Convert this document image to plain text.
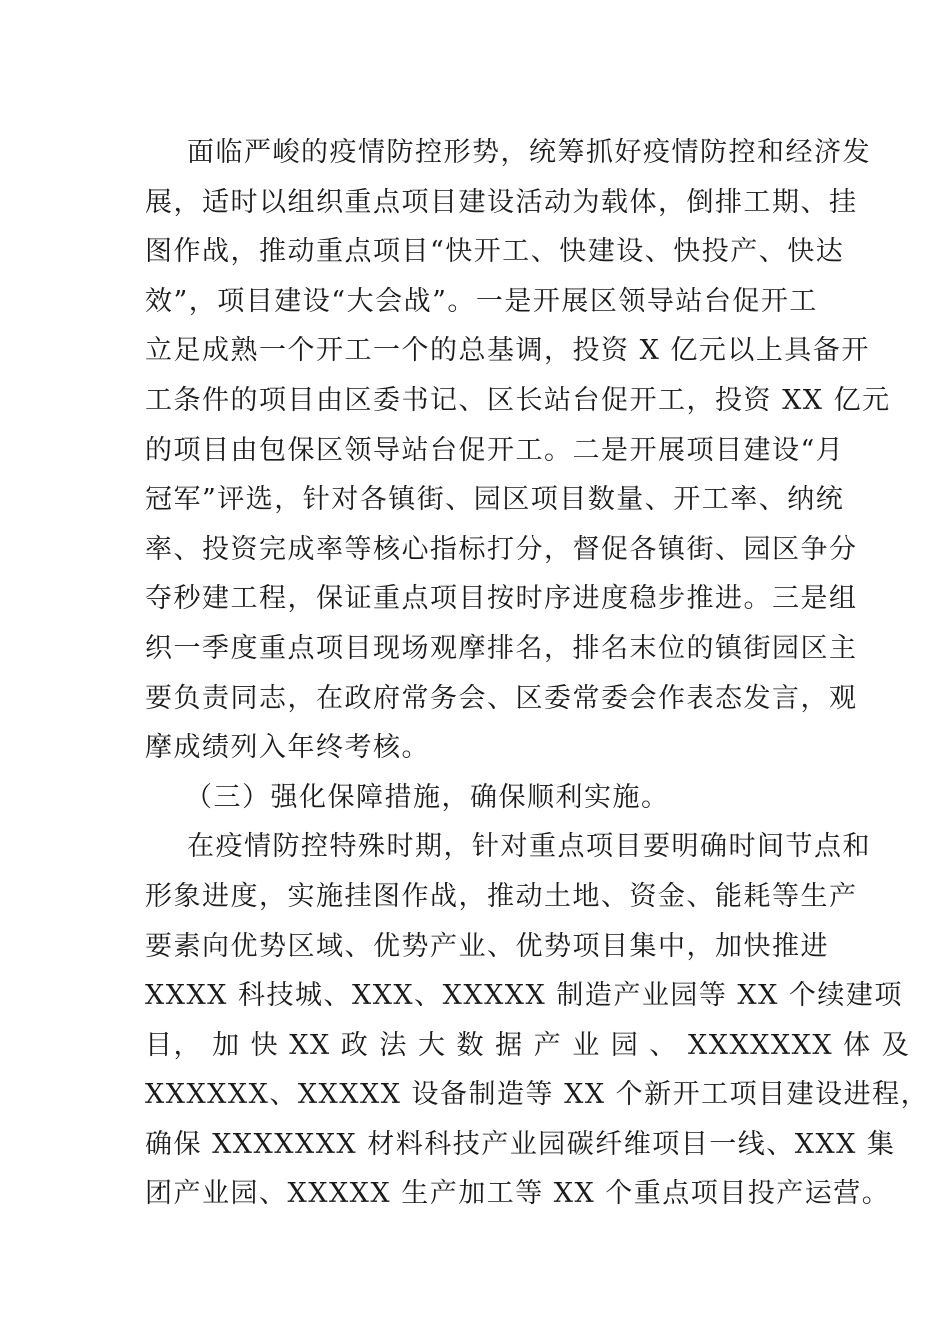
面临严峻的疫情防控形势，统筹抓好疫情防控和经济发
展，适时以组织重点项目建设活动为载体，倒排工期、挂
图作战，推动重点项目“快开工、快建设、快投产、快达
效”，项目建设“大会战”。一是开展区领导站台促开工
立足成熟一个开工一个的总基调，投资 X 亿元以上具备开
工条件的项目由区委书记、区长站台促开工，投资 XX 亿元
的项目由包保区领导站台促开工。二是开展项目建设“月
冠军”评选，针对各镇街、园区项目数量、开工率、纳统
率、投资完成率等核心指标打分，督促各镇街、园区争分
夺秒建工程，保证重点项目按时序进度稳步推进。三是组
织一季度重点项目现场观摩排名，排名末位的镇街园区主
要负责同志，在政府常务会、区委常委会作表态发言，观
摩成绩列入年终考核。
（三）强化保障措施，确保顺利实施。
在疫情防控特殊时期，针对重点项目要明确时间节点和
形象进度，实施挂图作战，推动土地、资金、能耗等生产
要素向优势区域、优势产业、优势项目集中，加快推进
XXXX 科技城、XXX、XXXXX 制造产业园等 XX 个续建项
目， 加 快 XX 政 法 大 数 据 产 业 园 、 XXXXXXX 体 及
XXXXXX、XXXXX 设备制造等 XX 个新开工项目建设进程，
确保 XXXXXXX 材料科技产业园碳纤维项目一线、XXX 集
团产业园、XXXXX 生产加工等 XX 个重点项目投产运营。
